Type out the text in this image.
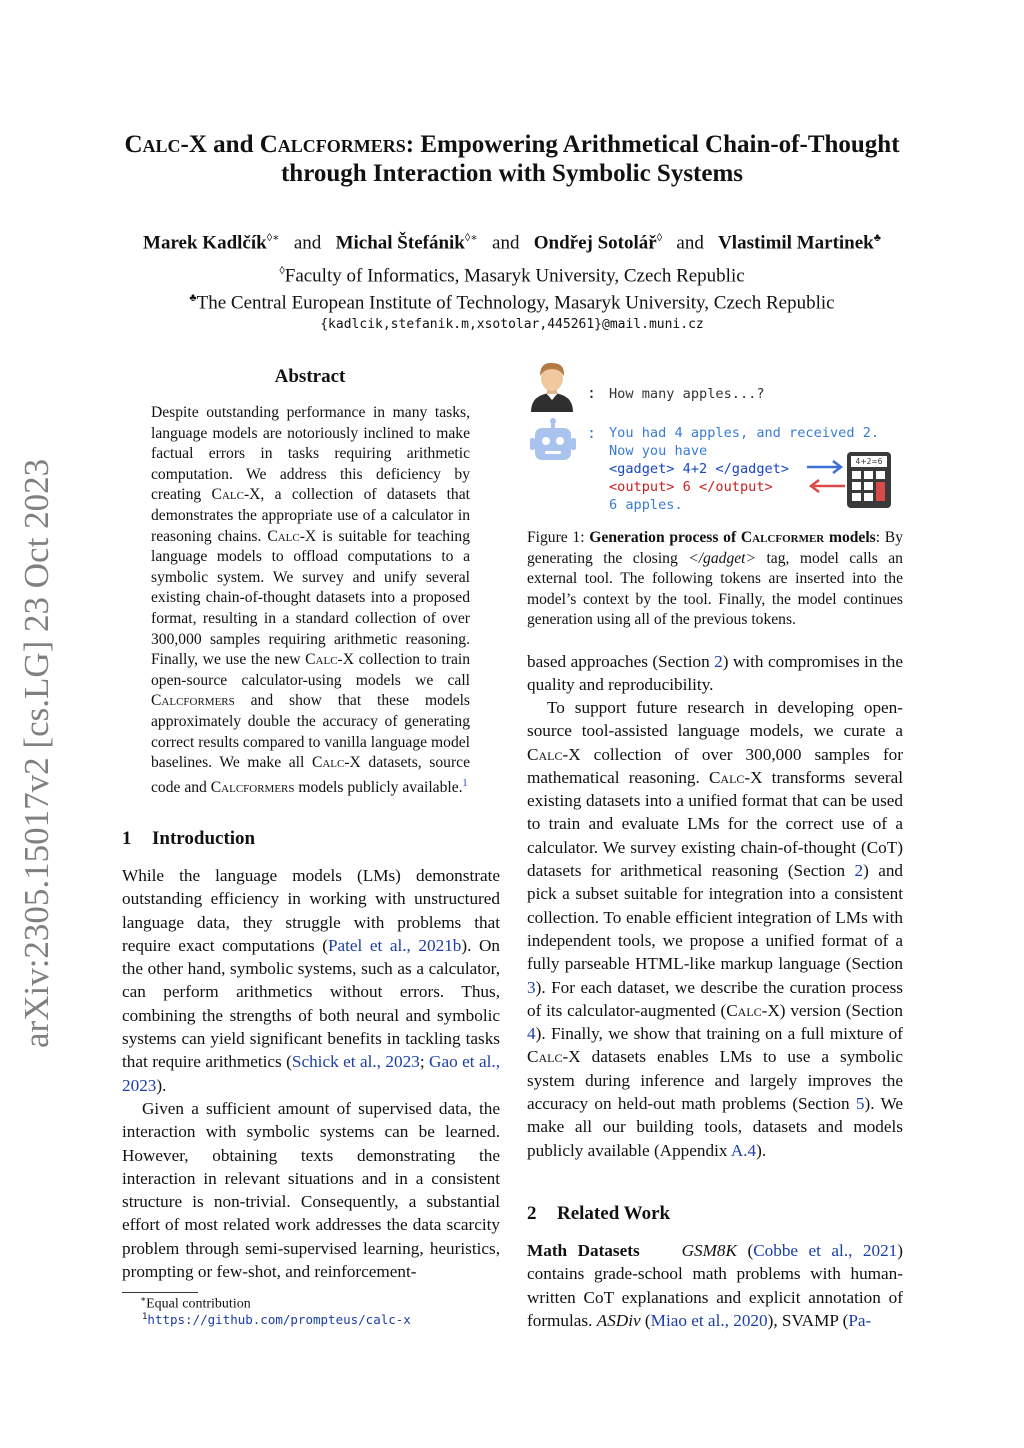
arXiv:2305.15017v2 [cs.LG] 23 Oct 2023
Calc-X and Calcformers: Empowering Arithmetical Chain-of-Thought
through Interaction with Symbolic Systems
Marek Kadlčík◊∗ and Michal Štefánik◊∗ and Ondřej Sotolář◊ and Vlastimil Martinek♣
◊Faculty of Informatics, Masaryk University, Czech Republic
♣The Central European Institute of Technology, Masaryk University, Czech Republic
{kadlcik,stefanik.m,xsotolar,445261}@mail.muni.cz
Abstract
Despite outstanding performance in many tasks, language models are notoriously inclined to make factual errors in tasks requiring arithmetic computation. We address this deficiency by creating Calc-X, a collection of datasets that demonstrates the appropriate use of a calculator in reasoning chains. Calc-X is suitable for teaching language models to offload computations to a symbolic system. We survey and unify several existing chain-of-thought datasets into a proposed format, resulting in a standard collection of over 300,000 samples requiring arithmetic reasoning. Finally, we use the new Calc-X collection to train open-source calculator-using models we call Calcformers and show that these models approximately double the accuracy of generating correct results compared to vanilla language model baselines. We make all Calc-X datasets, source code and Calcformers models publicly available.$^1$
1 Introduction
While the language models (LMs) demonstrate outstanding efficiency in working with unstructured language data, they struggle with problems that require exact computations (Patel et al., 2021b). On the other hand, symbolic systems, such as a calculator, can perform arithmetics without errors. Thus, combining the strengths of both neural and symbolic systems can yield significant benefits in tackling tasks that require arithmetics (Schick et al., 2023; Gao et al., 2023).
Given a sufficient amount of supervised data, the interaction with symbolic systems can be learned. However, obtaining texts demonstrating the interaction in relevant situations and in a consistent structure is non-trivial. Consequently, a substantial effort of most related work addresses the data scarcity problem through semi-supervised learning, heuristics, prompting or few-shot, and reinforcement-
∗Equal contribution
$^1$https://github.com/prompteus/calc-x
: How many apples...?
: You had 4 apples, and received 2.
Now you have
<gadget> 4+2 </gadget>
<output> 6 </output>
6 apples.
4+2=6
Figure 1: Generation process of Calcformer models: By generating the closing </gadget> tag, model calls an external tool. The following tokens are inserted into the model’s context by the tool. Finally, the model continues generation using all of the previous tokens.
based approaches (Section 2) with compromises in the quality and reproducibility.
To support future research in developing open-source tool-assisted language models, we curate a Calc-X collection of over 300,000 samples for mathematical reasoning. Calc-X transforms several existing datasets into a unified format that can be used to train and evaluate LMs for the correct use of a calculator. We survey existing chain-of-thought (CoT) datasets for arithmetical reasoning (Section 2) and pick a subset suitable for integration into a consistent collection. To enable efficient integration of LMs with independent tools, we propose a unified format of a fully parseable HTML-like markup language (Section 3). For each dataset, we describe the curation process of its calculator-augmented (Calc-X) version (Section 4). Finally, we show that training on a full mixture of Calc-X datasets enables LMs to use a symbolic system during inference and largely improves the accuracy on held-out math problems (Section 5). We make all our building tools, datasets and models publicly available (Appendix A.4).
2 Related Work
Math Datasets GSM8K (Cobbe et al., 2021) contains grade-school math problems with human-written CoT explanations and explicit annotation of formulas. ASDiv (Miao et al., 2020), SVAMP (Pa-
